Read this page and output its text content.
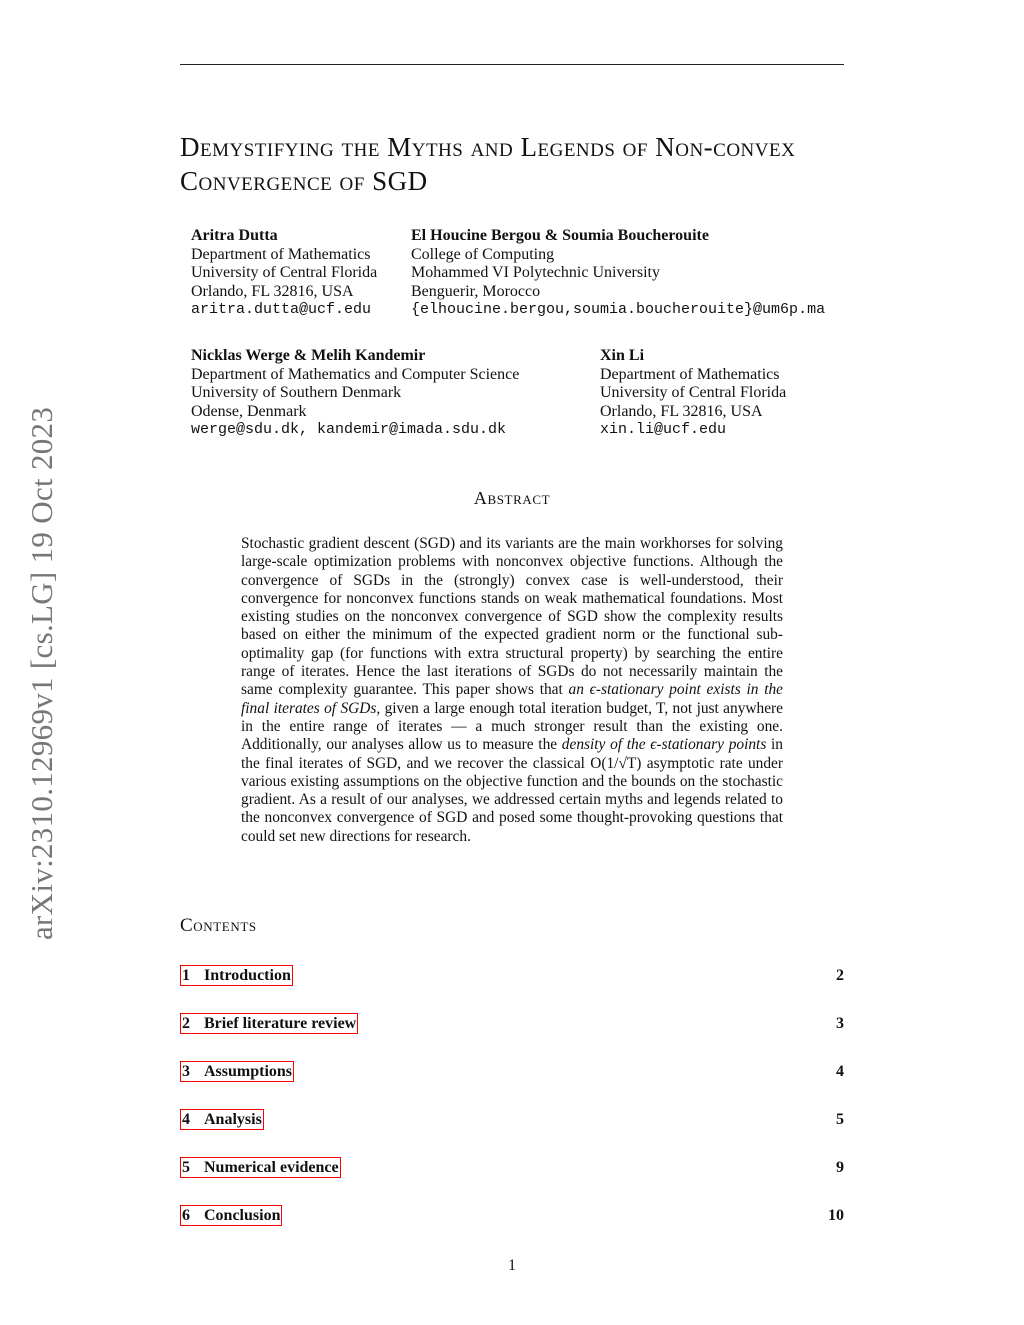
arXiv:2310.12969v1 [cs.LG] 19 Oct 2023
Demystifying the Myths and Legends of Non-convex Convergence of SGD
Aritra Dutta
Department of Mathematics
University of Central Florida
Orlando, FL 32816, USA
aritra.dutta@ucf.edu
El Houcine Bergou & Soumia Boucherouite
College of Computing
Mohammed VI Polytechnic University
Benguerir, Morocco
{elhoucine.bergou,soumia.boucherouite}@um6p.ma
Nicklas Werge & Melih Kandemir
Department of Mathematics and Computer Science
University of Southern Denmark
Odense, Denmark
werge@sdu.dk, kandemir@imada.sdu.dk
Xin Li
Department of Mathematics
University of Central Florida
Orlando, FL 32816, USA
xin.li@ucf.edu
Abstract

Stochastic gradient descent (SGD) and its variants are the main workhorses for solving large-scale optimization problems with nonconvex objective functions. Although the convergence of SGDs in the (strongly) convex case is well-understood, their convergence for nonconvex functions stands on weak mathematical foundations. Most existing studies on the nonconvex convergence of SGD show the complexity results based on either the minimum of the expected gradient norm or the functional sub-optimality gap (for functions with extra structural property) by searching the entire range of iterates. Hence the last iterations of SGDs do not necessarily maintain the same complexity guarantee. This paper shows that an ϵ-stationary point exists in the final iterates of SGDs, given a large enough total iteration budget, T, not just anywhere in the entire range of iterates — a much stronger result than the existing one. Additionally, our analyses allow us to measure the density of the ϵ-stationary points in the final iterates of SGD, and we recover the classical O(1/√T) asymptotic rate under various existing assumptions on the objective function and the bounds on the stochastic gradient. As a result of our analyses, we addressed certain myths and legends related to the nonconvex convergence of SGD and posed some thought-provoking questions that could set new directions for research.

Contents
1 Introduction	2
2 Brief literature review	3
3 Assumptions	4
4 Analysis	5
5 Numerical evidence	9
6 Conclusion	10
1
